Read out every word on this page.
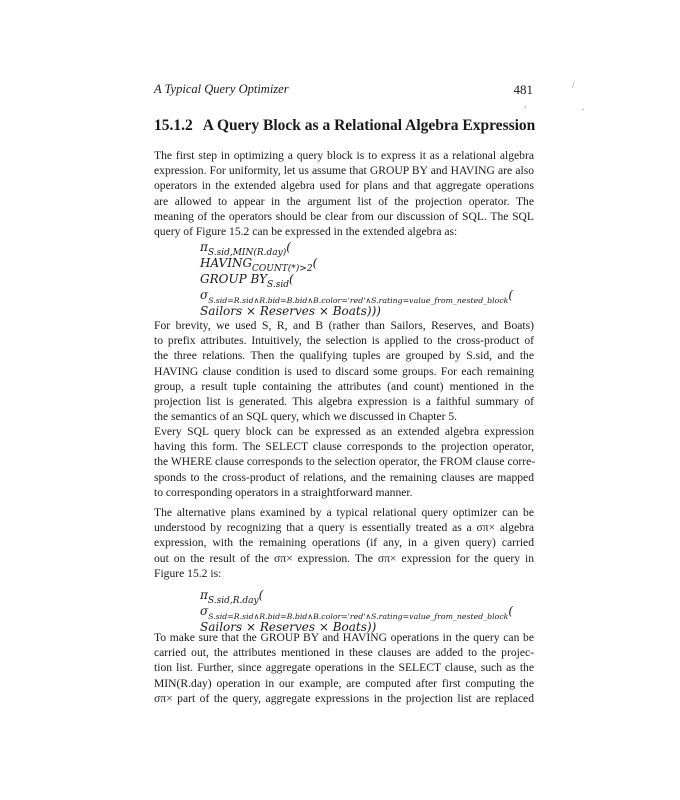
A Typical Query Optimizer	481	/
,	.
15.1.2 A Query Block as a Relational Algebra Expression
The first step in optimizing a query block is to express it as a relational algebra
expression. For uniformity, let us assume that GROUP BY and HAVING are also
operators in the extended algebra used for plans and that aggregate operations
are allowed to appear in the argument list of the projection operator. The
meaning of the operators should be clear from our discussion of SQL. The SQL
query of Figure 15.2 can be expressed in the extended algebra as:
$\pi_{S.sid,MIN(R.day)}$(
$HAVING_{COUNT(*)>2}$(
GROUP $BY_{S.sid}$(
$\sigma_{S.sid=R.sid\wedge R.bid=B.bid\wedge B.color='red'\wedge S.rating=value\_from\_nested\_block}$(
Sailors × Reserves × Boats)))
For brevity, we used S, R, and B (rather than Sailors, Reserves, and Boats)
to prefix attributes. Intuitively, the selection is applied to the cross-product of
the three relations. Then the qualifying tuples are grouped by S.sid, and the
HAVING clause condition is used to discard some groups. For each remaining
group, a result tuple containing the attributes (and count) mentioned in the
projection list is generated. This algebra expression is a faithful summary of
the semantics of an SQL query, which we discussed in Chapter 5.
Every SQL query block can be expressed as an extended algebra expression
having this form. The SELECT clause corresponds to the projection operator,
the WHERE clause corresponds to the selection operator, the FROM clause corre-
sponds to the cross-product of relations, and the remaining clauses are mapped
to corresponding operators in a straightforward manner.
The alternative plans examined by a typical relational query optimizer can be
understood by recognizing that a query is essentially treated as a σπ× algebra
expression, with the remaining operations (if any, in a given query) carried
out on the result of the σπ× expression. The σπ× expression for the query in
Figure 15.2 is:
$\pi_{S.sid,R.day}$(
$\sigma_{S.sid=R.sid\wedge R.bid=B.bid\wedge B.color='red'\wedge S.rating=value\_from\_nested\_block}$(
Sailors × Reserves × Boats))
To make sure that the GROUP BY and HAVING operations in the query can be
carried out, the attributes mentioned in these clauses are added to the projec-
tion list. Further, since aggregate operations in the SELECT clause, such as the
MIN(R.day) operation in our example, are computed after first computing the
σπ× part of the query, aggregate expressions in the projection list are replaced
